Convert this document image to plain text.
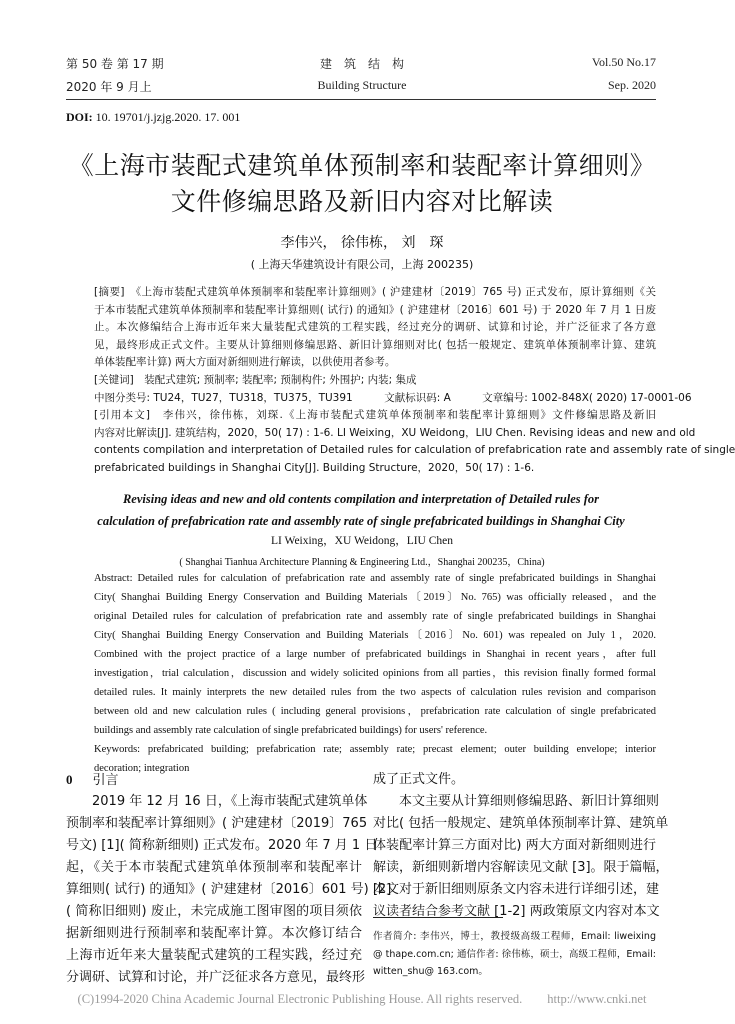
第 50 卷 第 17 期
2020 年 9 月上
建　筑　结　构
Building Structure
Vol.50 No.17
Sep. 2020
DOI: 10. 19701/j.jzjg.2020. 17. 001
《上海市装配式建筑单体预制率和装配率计算细则》
文件修编思路及新旧内容对比解读
李伟兴， 徐伟栋， 刘　琛
( 上海天华建筑设计有限公司，上海 200235)
[摘要]　《上海市装配式建筑单体预制率和装配率计算细则》( 沪建建材〔2019〕765 号) 正式发布，原计算细则《关
于本市装配式建筑单体预制率和装配率计算细则( 试行) 的通知》( 沪建建材〔2016〕601 号) 于 2020 年 7 月 1 日废
止。本次修编结合上海市近年来大量装配式建筑的工程实践，经过充分的调研、试算和讨论，并广泛征求了各方意
见，最终形成正式文件。主要从计算细则修编思路、新旧计算细则对比( 包括一般规定、建筑单体预制率计算、建筑
单体装配率计算) 两大方面对新细则进行解读，以供使用者参考。
[关键词]　装配式建筑; 预制率; 装配率; 预制构件; 外围护; 内装; 集成
中图分类号: TU24，TU27，TU318，TU375，TU391　　　文献标识码: A　　　文章编号: 1002-848X( 2020) 17-0001-06
[引用本文]　李伟兴，徐伟栋，刘琛.《上海市装配式建筑单体预制率和装配率计算细则》文件修编思路及新旧
内容对比解读[J]. 建筑结构，2020，50( 17) : 1-6. LI Weixing，XU Weidong，LIU Chen. Revising ideas and new and old
contents compilation and interpretation of Detailed rules for calculation of prefabrication rate and assembly rate of single
prefabricated buildings in Shanghai City[J]. Building Structure，2020，50( 17) : 1-6.
Revising ideas and new and old contents compilation and interpretation of Detailed rules for
calculation of prefabrication rate and assembly rate of single prefabricated buildings in Shanghai City
LI Weixing，XU Weidong，LIU Chen
( Shanghai Tianhua Architecture Planning & Engineering Ltd.，Shanghai 200235，China)
Abstract: Detailed rules for calculation of prefabrication rate and assembly rate of single prefabricated buildings in Shanghai
City( Shanghai Building Energy Conservation and Building Materials〔2019〕No. 765) was officially released，and the
original Detailed rules for calculation of prefabrication rate and assembly rate of single prefabricated buildings in Shanghai
City( Shanghai Building Energy Conservation and Building Materials〔2016〕No. 601) was repealed on July 1，2020.
Combined with the project practice of a large number of prefabricated buildings in Shanghai in recent years，after full
investigation，trial calculation，discussion and widely solicited opinions from all parties，this revision finally formed formal
detailed rules. It mainly interprets the new detailed rules from the two aspects of calculation rules revision and comparison
between old and new calculation rules ( including general provisions，prefabrication rate calculation of single prefabricated
buildings and assembly rate calculation of single prefabricated buildings) for users' reference.
Keywords: prefabricated building; prefabrication rate; assembly rate; precast element; outer building envelope; interior
decoration; integration
0 引言
　　2019 年 12 月 16 日，《上海市装配式建筑单体
预制率和装配率计算细则》( 沪建建材〔2019〕765
号文) [1]( 简称新细则) 正式发布。2020 年 7 月 1 日
起，《关于本市装配式建筑单体预制率和装配率计
算细则( 试行) 的通知》( 沪建建材〔2016〕601 号) [2]
( 简称旧细则) 废止，未完成施工图审图的项目须依
据新细则进行预制率和装配率计算。本次修订结合
上海市近年来大量装配式建筑的工程实践，经过充
分调研、试算和讨论，并广泛征求各方意见，最终形
成了正式文件。
　　本文主要从计算细则修编思路、新旧计算细则
对比( 包括一般规定、建筑单体预制率计算、建筑单
体装配率计算三方面对比) 两大方面对新细则进行
解读，新细则新增内容解读见文献 [3]。限于篇幅，
本文对于新旧细则原条文内容未进行详细引述，建
议读者结合参考文献 [1-2] 两政策原文内容对本文
作者简介: 李伟兴，博士，教授级高级工程师，Email: liweixing
@ thape.com.cn; 通信作者: 徐伟栋，硕士，高级工程师，Email:
witten_shu@ 163.com。
(C)1994-2020 China Academic Journal Electronic Publishing House. All rights reserved.　　http://www.cnki.net
